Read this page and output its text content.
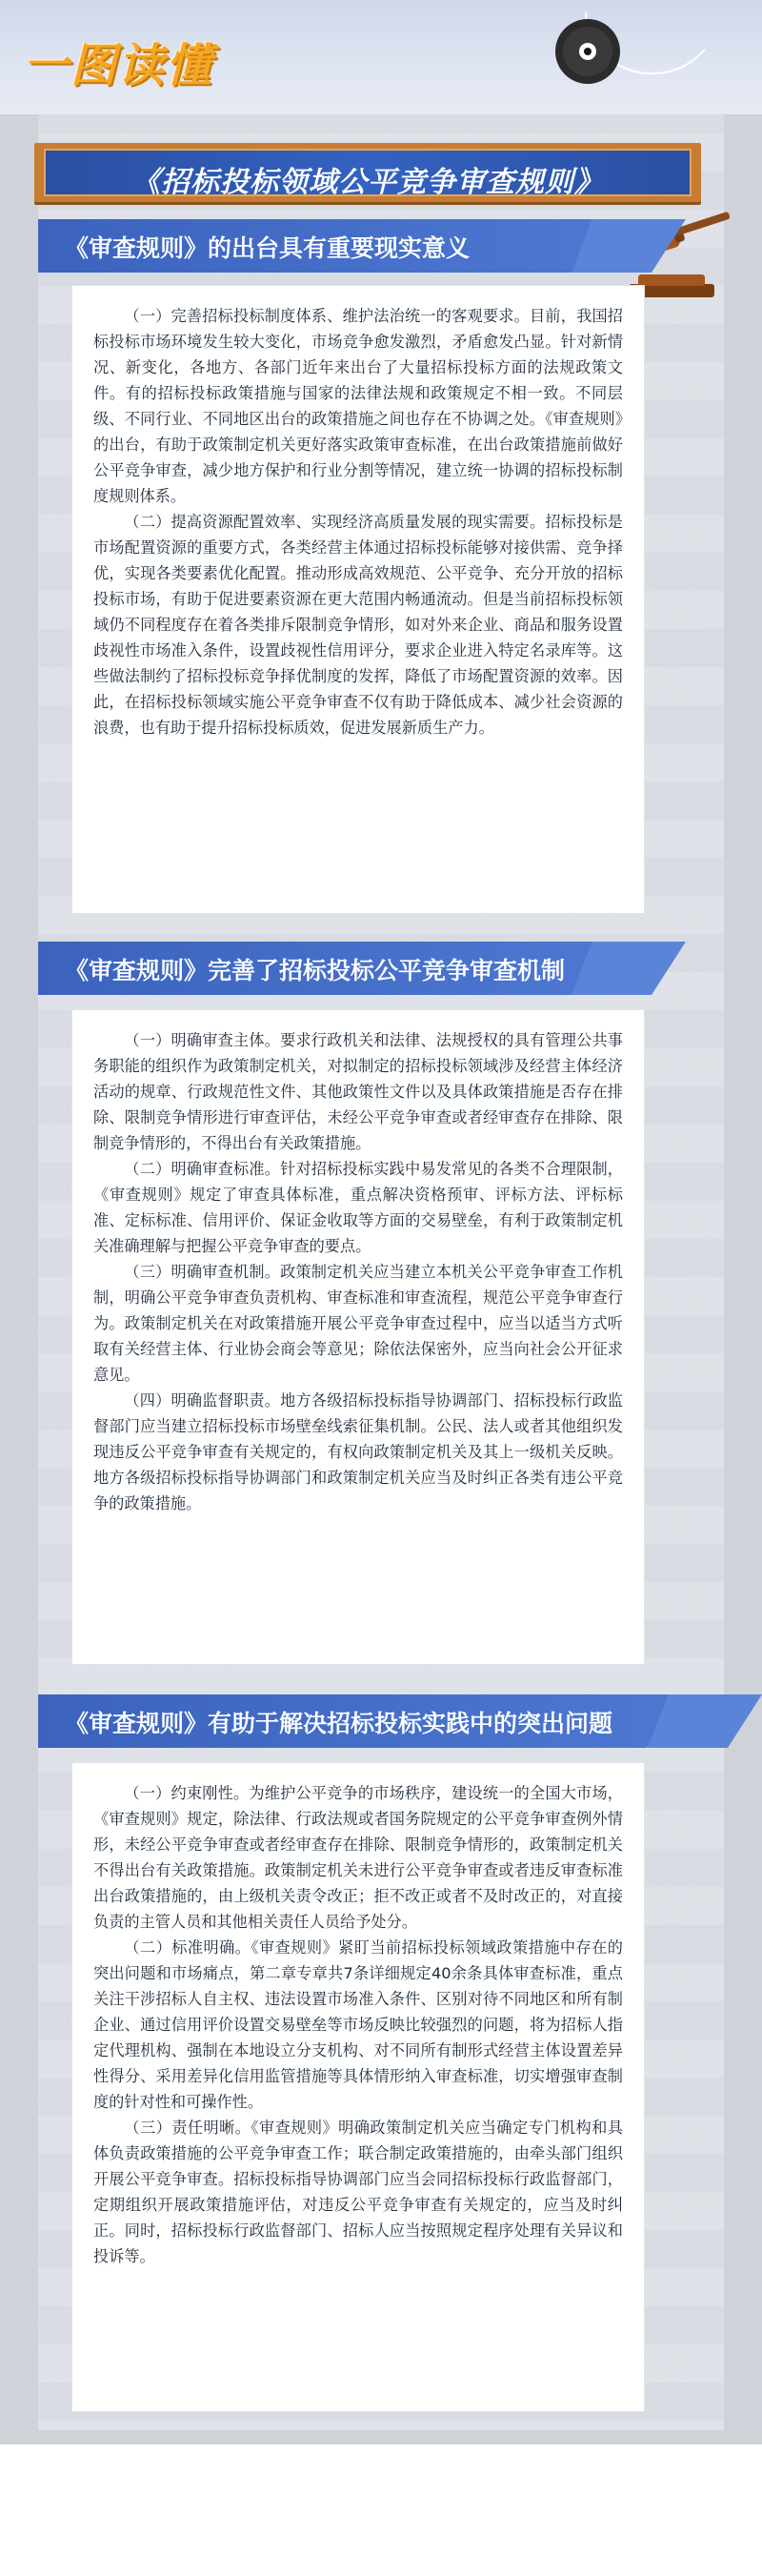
一图读懂
《招标投标领域公平竞争审查规则》
《审查规则》的出台具有重要现实意义

（一）完善招标投标制度体系、维护法治统一的客观要求。目前，我国招标投标市场环境发生较大变化，市场竞争愈发激烈，矛盾愈发凸显。针对新情况、新变化，各地方、各部门近年来出台了大量招标投标方面的法规政策文件。有的招标投标政策措施与国家的法律法规和政策规定不相一致。不同层级、不同行业、不同地区出台的政策措施之间也存在不协调之处。《审查规则》的出台，有助于政策制定机关更好落实政策审查标准，在出台政策措施前做好公平竞争审查，减少地方保护和行业分割等情况，建立统一协调的招标投标制度规则体系。

（二）提高资源配置效率、实现经济高质量发展的现实需要。招标投标是市场配置资源的重要方式，各类经营主体通过招标投标能够对接供需、竞争择优，实现各类要素优化配置。推动形成高效规范、公平竞争、充分开放的招标投标市场，有助于促进要素资源在更大范围内畅通流动。但是当前招标投标领域仍不同程度存在着各类排斥限制竞争情形，如对外来企业、商品和服务设置歧视性市场准入条件，设置歧视性信用评分，要求企业进入特定名录库等。这些做法制约了招标投标竞争择优制度的发挥，降低了市场配置资源的效率。因此，在招标投标领域实施公平竞争审查不仅有助于降低成本、减少社会资源的浪费，也有助于提升招标投标质效，促进发展新质生产力。

《审查规则》完善了招标投标公平竞争审查机制

（一）明确审查主体。要求行政机关和法律、法规授权的具有管理公共事务职能的组织作为政策制定机关，对拟制定的招标投标领域涉及经营主体经济活动的规章、行政规范性文件、其他政策性文件以及具体政策措施是否存在排除、限制竞争情形进行审查评估，未经公平竞争审查或者经审查存在排除、限制竞争情形的，不得出台有关政策措施。

（二）明确审查标准。针对招标投标实践中易发常见的各类不合理限制，《审查规则》规定了审查具体标准，重点解决资格预审、评标方法、评标标准、定标标准、信用评价、保证金收取等方面的交易壁垒，有利于政策制定机关准确理解与把握公平竞争审查的要点。

（三）明确审查机制。政策制定机关应当建立本机关公平竞争审查工作机制，明确公平竞争审查负责机构、审查标准和审查流程，规范公平竞争审查行为。政策制定机关在对政策措施开展公平竞争审查过程中，应当以适当方式听取有关经营主体、行业协会商会等意见；除依法保密外，应当向社会公开征求意见。

（四）明确监督职责。地方各级招标投标指导协调部门、招标投标行政监督部门应当建立招标投标市场壁垒线索征集机制。公民、法人或者其他组织发现违反公平竞争审查有关规定的，有权向政策制定机关及其上一级机关反映。地方各级招标投标指导协调部门和政策制定机关应当及时纠正各类有违公平竞争的政策措施。

《审查规则》有助于解决招标投标实践中的突出问题

（一）约束刚性。为维护公平竞争的市场秩序，建设统一的全国大市场，《审查规则》规定，除法律、行政法规或者国务院规定的公平竞争审查例外情形，未经公平竞争审查或者经审查存在排除、限制竞争情形的，政策制定机关不得出台有关政策措施。政策制定机关未进行公平竞争审查或者违反审查标准出台政策措施的，由上级机关责令改正；拒不改正或者不及时改正的，对直接负责的主管人员和其他相关责任人员给予处分。

（二）标准明确。《审查规则》紧盯当前招标投标领域政策措施中存在的突出问题和市场痛点，第二章专章共7条详细规定40余条具体审查标准，重点关注干涉招标人自主权、违法设置市场准入条件、区别对待不同地区和所有制企业、通过信用评价设置交易壁垒等市场反映比较强烈的问题，将为招标人指定代理机构、强制在本地设立分支机构、对不同所有制形式经营主体设置差异性得分、采用差异化信用监管措施等具体情形纳入审查标准，切实增强审查制度的针对性和可操作性。

（三）责任明晰。《审查规则》明确政策制定机关应当确定专门机构和具体负责政策措施的公平竞争审查工作；联合制定政策措施的，由牵头部门组织开展公平竞争审查。招标投标指导协调部门应当会同招标投标行政监督部门，定期组织开展政策措施评估，对违反公平竞争审查有关规定的，应当及时纠正。同时，招标投标行政监督部门、招标人应当按照规定程序处理有关异议和投诉等。
